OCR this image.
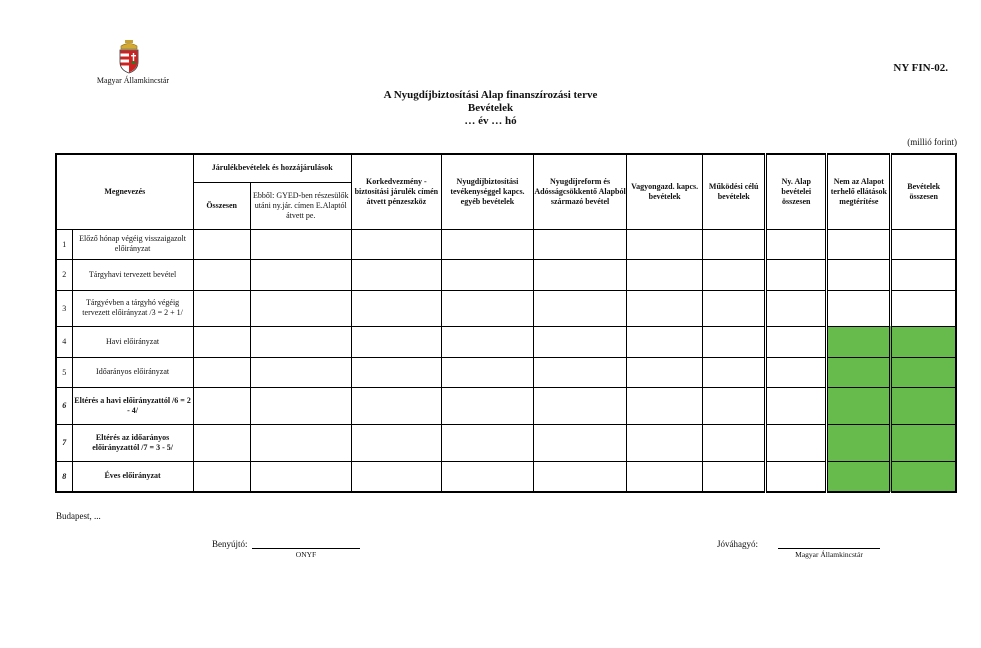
Magyar Államkincstár
NY FIN-02.
A Nyugdíjbiztosítási Alap finanszírozási terve
Bevételek
… év … hó
(millió forint)
Megnevezés		Járulékbevételek és hozzájárulások		Korkedvezmény - biztosítási járulék címén átvett pénzeszköz	Nyugdíjbiztosítási tevékenységgel kapcs. egyéb bevételek	Nyugdíjreform és Adósságcsökkentő Alapból származó bevétel	Vagyongazd. kapcs. bevételek	Működési célú bevételek	Ny. Alap bevételei összesen	Nem az Alapot terhelő ellátások megtérítése	Bevételek összesen
		Összesen	Ebből: GYED-ben részesülők utáni ny.jár. címen E.Alaptól átvett pe.								
1	Előző hónap végéig visszaigazolt előirányzat										
2	Tárgyhavi tervezett bevétel										
3	Tárgyévben a tárgyhó végéig tervezett előirányzat /3 = 2 + 1/										
4	Havi előirányzat										
5	Időarányos előirányzat										
6	Eltérés a havi előirányzattól /6 = 2 - 4/										
7	Eltérés az időarányos előirányzattól /7 = 3 - 5/										
8	Éves előirányzat										
Budapest, ...
Benyújtó:
ONYF
Jóváhagyó:
Magyar Államkincstár
